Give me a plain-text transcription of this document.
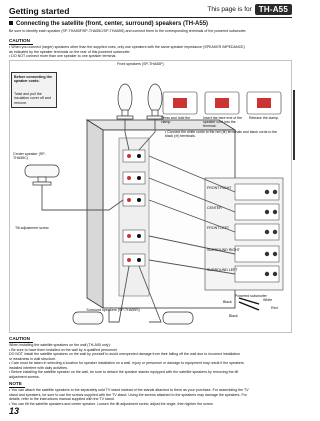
Getting started	This page is for TH-A55
Connecting the satellite (front, center, surround) speakers (TH-A55)
Be sure to identify each speaker (SP-THA55F/SP-THA55C/SP-THA55S) and connect them to the corresponding terminals of the powered subwoofer.
CAUTION
• When you connect (larger) speakers other than the supplied ones, only use speakers with the same speaker impedance (SPEAKER IMPEDANCE)
as indicated by the speaker terminals on the rear of this powered subwoofer.
• DO NOT connect more than one speaker to one speaker terminal.
Before connecting the speaker cords:
Twist and pull the insulation cover off and remove.
Front speakers (SP-THA55F)
Center speaker (SP-THA55C)
Tilt adjustment screw
Powered subwoofer
Surround speakers (SP-THA55S)
Press and hold the clamp.
Insert the bare end of the speaker cord into the terminal.
Release the clamp.
• Connect the white cords to the red (⊕) terminals and black cords to the black (⊖) terminals.
FRONT RIGHT
CENTER
FRONT LEFT
SURROUND RIGHT
SURROUND LEFT
Black	White
Red
Black
CAUTION
When installing the satellite speakers on the wall (TH-A55 only):
• Be sure to have them installed on the wall by a qualified personnel.
DO NOT install the satellite speakers on the wall by yourself to avoid unexpected damage from their falling off the wall due to incorrect installation
or weakness in wall structure.
• Care must be taken in selecting a location for speaker installation on a wall. Injury or personnel or damage to equipment may result if the speakers
installed interfere with daily activities.
• Before installing the satellite speaker on the wall, be sure to detach the speaker stands equipped with the satellite speakers by removing the tilt
adjustment screws.
NOTE
• You can attach the satellite speakers to the separately sold TV stand instead of the stands attached to them as your purchase. For assembling the TV
stand and speakers, be sure to use the screws supplied with the TV stand. Using the screws attached to the speakers may damage the speakers. For
details, refer to the instructions manual supplied with the TV stand.
• You can tilt the satellite speakers and center speaker. Loosen the tilt adjustment screw, adjust the angle, then tighten the screw.
13
